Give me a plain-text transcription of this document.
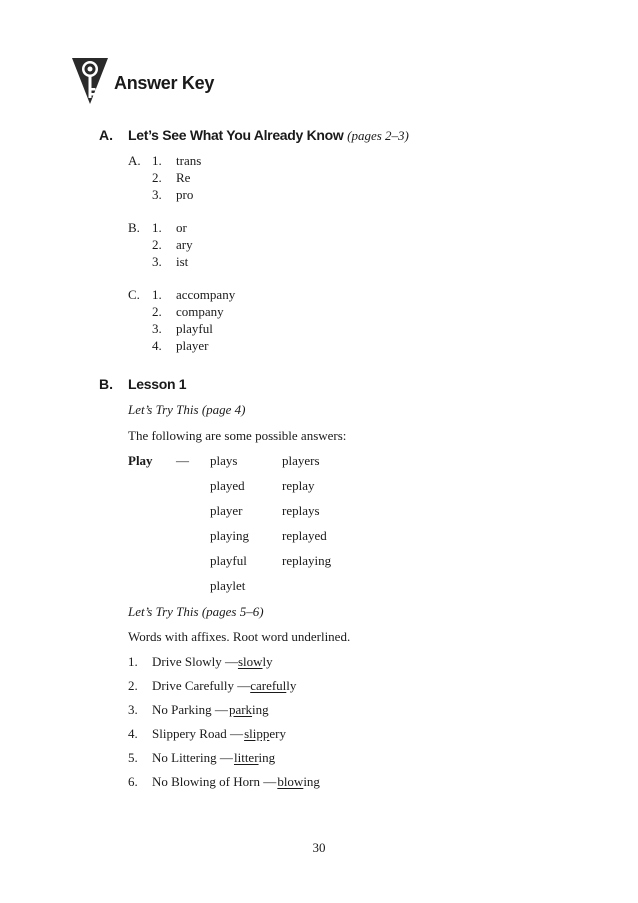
Answer Key
A. Let’s See What You Already Know (pages 2–3)
A. 1. trans
2. Re
3. pro
B. 1. or
2. ary
3. ist
C. 1. accompany
2. company
3. playful
4. player
B. Lesson 1
Let’s Try This (page 4)
The following are some possible answers:
Play — plays
played
player
playing
playful
playlet
players
replay
replays
replayed
replaying
Let’s Try This (pages 5–6)
Words with affixes. Root word underlined.
1. Drive Slowly —slowly
2. Drive Carefully —carefully
3. No Parking — parking
4. Slippery Road — slippery
5. No Littering — littering
6. No Blowing of Horn — blowing
30
